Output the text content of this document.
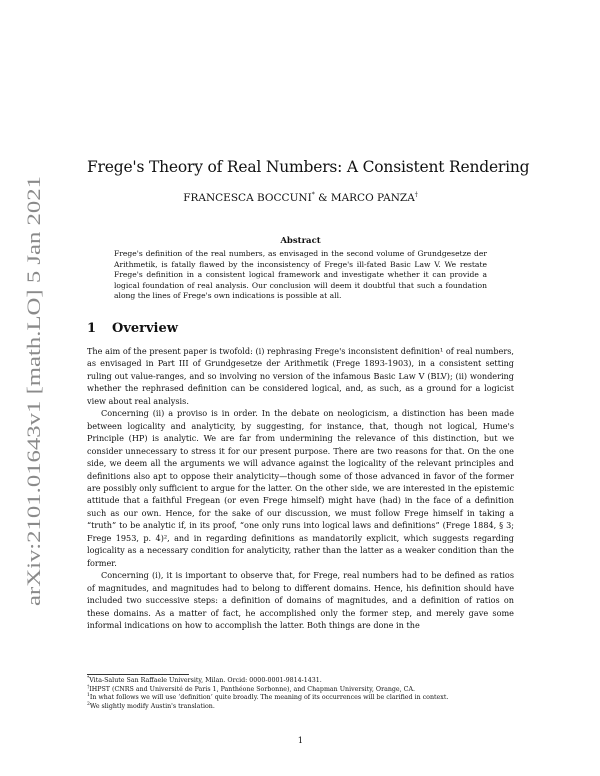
arXiv:2101.01643v1 [math.LO] 5 Jan 2021
Frege's Theory of Real Numbers: A Consistent Rendering
FRANCESCA BOCCUNI* & MARCO PANZA†
Abstract
Frege's definition of the real numbers, as envisaged in the second volume of Grundgesetze der Arithmetik, is fatally flawed by the inconsistency of Frege's ill-fated Basic Law V. We restate Frege's definition in a consistent logical framework and investigate whether it can provide a logical foundation of real analysis. Our conclusion will deem it doubtful that such a foundation along the lines of Frege's own indications is possible at all.
1 Overview

The aim of the present paper is twofold: (i) rephrasing Frege's inconsistent definition¹ of real numbers, as envisaged in Part III of Grundgesetze der Arithmetik (Frege 1893-1903), in a consistent setting ruling out value-ranges, and so involving no version of the infamous Basic Law V (BLV); (ii) wondering whether the rephrased definition can be considered logical, and, as such, as a ground for a logicist view about real analysis.

Concerning (ii) a proviso is in order. In the debate on neologicism, a distinction has been made between logicality and analyticity, by suggesting, for instance, that, though not logical, Hume's Principle (HP) is analytic. We are far from undermining the relevance of this distinction, but we consider unnecessary to stress it for our present purpose. There are two reasons for that. On the one side, we deem all the arguments we will advance against the logicality of the relevant principles and definitions also apt to oppose their analyticity—though some of those advanced in favor of the former are possibly only sufficient to argue for the latter. On the other side, we are interested in the epistemic attitude that a faithful Fregean (or even Frege himself) might have (had) in the face of a definition such as our own. Hence, for the sake of our discussion, we must follow Frege himself in taking a “truth” to be analytic if, in its proof, “one only runs into logical laws and definitions” (Frege 1884, § 3; Frege 1953, p. 4)², and in regarding definitions as mandatorily explicit, which suggests regarding logicality as a necessary condition for analyticity, rather than the latter as a weaker condition than the former.

Concerning (i), it is important to observe that, for Frege, real numbers had to be defined as ratios of magnitudes, and magnitudes had to belong to different domains. Hence, his definition should have included two successive steps: a definition of domains of magnitudes, and a definition of ratios on these domains. As a matter of fact, he accomplished only the former step, and merely gave some informal indications on how to accomplish the latter. Both things are done in the

*Vita-Salute San Raffaele University, Milan. Orcid: 0000-0001-9814-1431.
†IHPST (CNRS and Université de Paris 1, Panthéone Sorbonne), and Chapman University, Orange, CA.
$^1$In what follows we will use ‘definition’ quite broadly. The meaning of its occurrences will be clarified in context.
$^2$We slightly modify Austin's translation.
1
